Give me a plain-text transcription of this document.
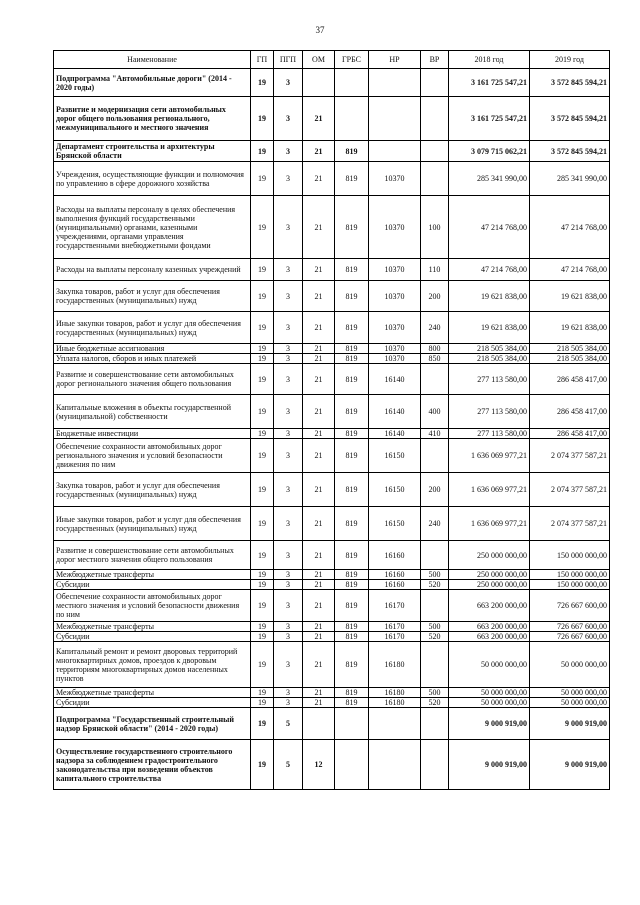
37
Наименование	ГП	ПГП	ОМ	ГРБС	НР	ВР	2018 год	2019 год
Подпрограмма "Автомобильные дороги" (2014 - 2020 годы)	19	3					3 161 725 547,21	3 572 845 594,21
Развитие и модернизация сети автомобильных дорог общего пользования регионального, межмуниципального и местного значения	19	3	21				3 161 725 547,21	3 572 845 594,21
Департамент строительства и архитектуры Брянской области	19	3	21	819			3 079 715 062,21	3 572 845 594,21
Учреждения, осуществляющие функции и полномочия по управлению в сфере дорожного хозяйства	19	3	21	819	10370		285 341 990,00	285 341 990,00
Расходы на выплаты персоналу в целях обеспечения выполнения функций государственными (муниципальными) органами, казенными учреждениями, органами управления государственными внебюджетными фондами	19	3	21	819	10370	100	47 214 768,00	47 214 768,00
Расходы на выплаты персоналу казенных учреждений	19	3	21	819	10370	110	47 214 768,00	47 214 768,00
Закупка товаров, работ и услуг для обеспечения государственных (муниципальных) нужд	19	3	21	819	10370	200	19 621 838,00	19 621 838,00
Иные закупки товаров, работ и услуг для обеспечения государственных (муниципальных) нужд	19	3	21	819	10370	240	19 621 838,00	19 621 838,00
Иные бюджетные ассигнования	19	3	21	819	10370	800	218 505 384,00	218 505 384,00
Уплата налогов, сборов и иных платежей	19	3	21	819	10370	850	218 505 384,00	218 505 384,00
Развитие и совершенствование сети автомобильных дорог регионального значения общего пользования	19	3	21	819	16140		277 113 580,00	286 458 417,00
Капитальные вложения в объекты государственной (муниципальной) собственности	19	3	21	819	16140	400	277 113 580,00	286 458 417,00
Бюджетные инвестиции	19	3	21	819	16140	410	277 113 580,00	286 458 417,00
Обеспечение сохранности автомобильных дорог регионального значения и условий безопасности движения по ним	19	3	21	819	16150		1 636 069 977,21	2 074 377 587,21
Закупка товаров, работ и услуг для обеспечения государственных (муниципальных) нужд	19	3	21	819	16150	200	1 636 069 977,21	2 074 377 587,21
Иные закупки товаров, работ и услуг для обеспечения государственных (муниципальных) нужд	19	3	21	819	16150	240	1 636 069 977,21	2 074 377 587,21
Развитие и совершенствование сети автомобильных дорог местного значения общего пользования	19	3	21	819	16160		250 000 000,00	150 000 000,00
Межбюджетные трансферты	19	3	21	819	16160	500	250 000 000,00	150 000 000,00
Субсидии	19	3	21	819	16160	520	250 000 000,00	150 000 000,00
Обеспечение сохранности автомобильных дорог местного значения и условий безопасности движения по ним	19	3	21	819	16170		663 200 000,00	726 667 600,00
Межбюджетные трансферты	19	3	21	819	16170	500	663 200 000,00	726 667 600,00
Субсидии	19	3	21	819	16170	520	663 200 000,00	726 667 600,00
Капитальный ремонт и ремонт дворовых территорий многоквартирных домов, проездов к дворовым территориям многоквартирных домов населенных пунктов	19	3	21	819	16180		50 000 000,00	50 000 000,00
Межбюджетные трансферты	19	3	21	819	16180	500	50 000 000,00	50 000 000,00
Субсидии	19	3	21	819	16180	520	50 000 000,00	50 000 000,00
Подпрограмма "Государственный строительный надзор Брянской области" (2014 - 2020 годы)	19	5					9 000 919,00	9 000 919,00
Осуществление государственного строительного надзора за соблюдением градостроительного законодательства при возведении объектов капитального строительства	19	5	12				9 000 919,00	9 000 919,00
